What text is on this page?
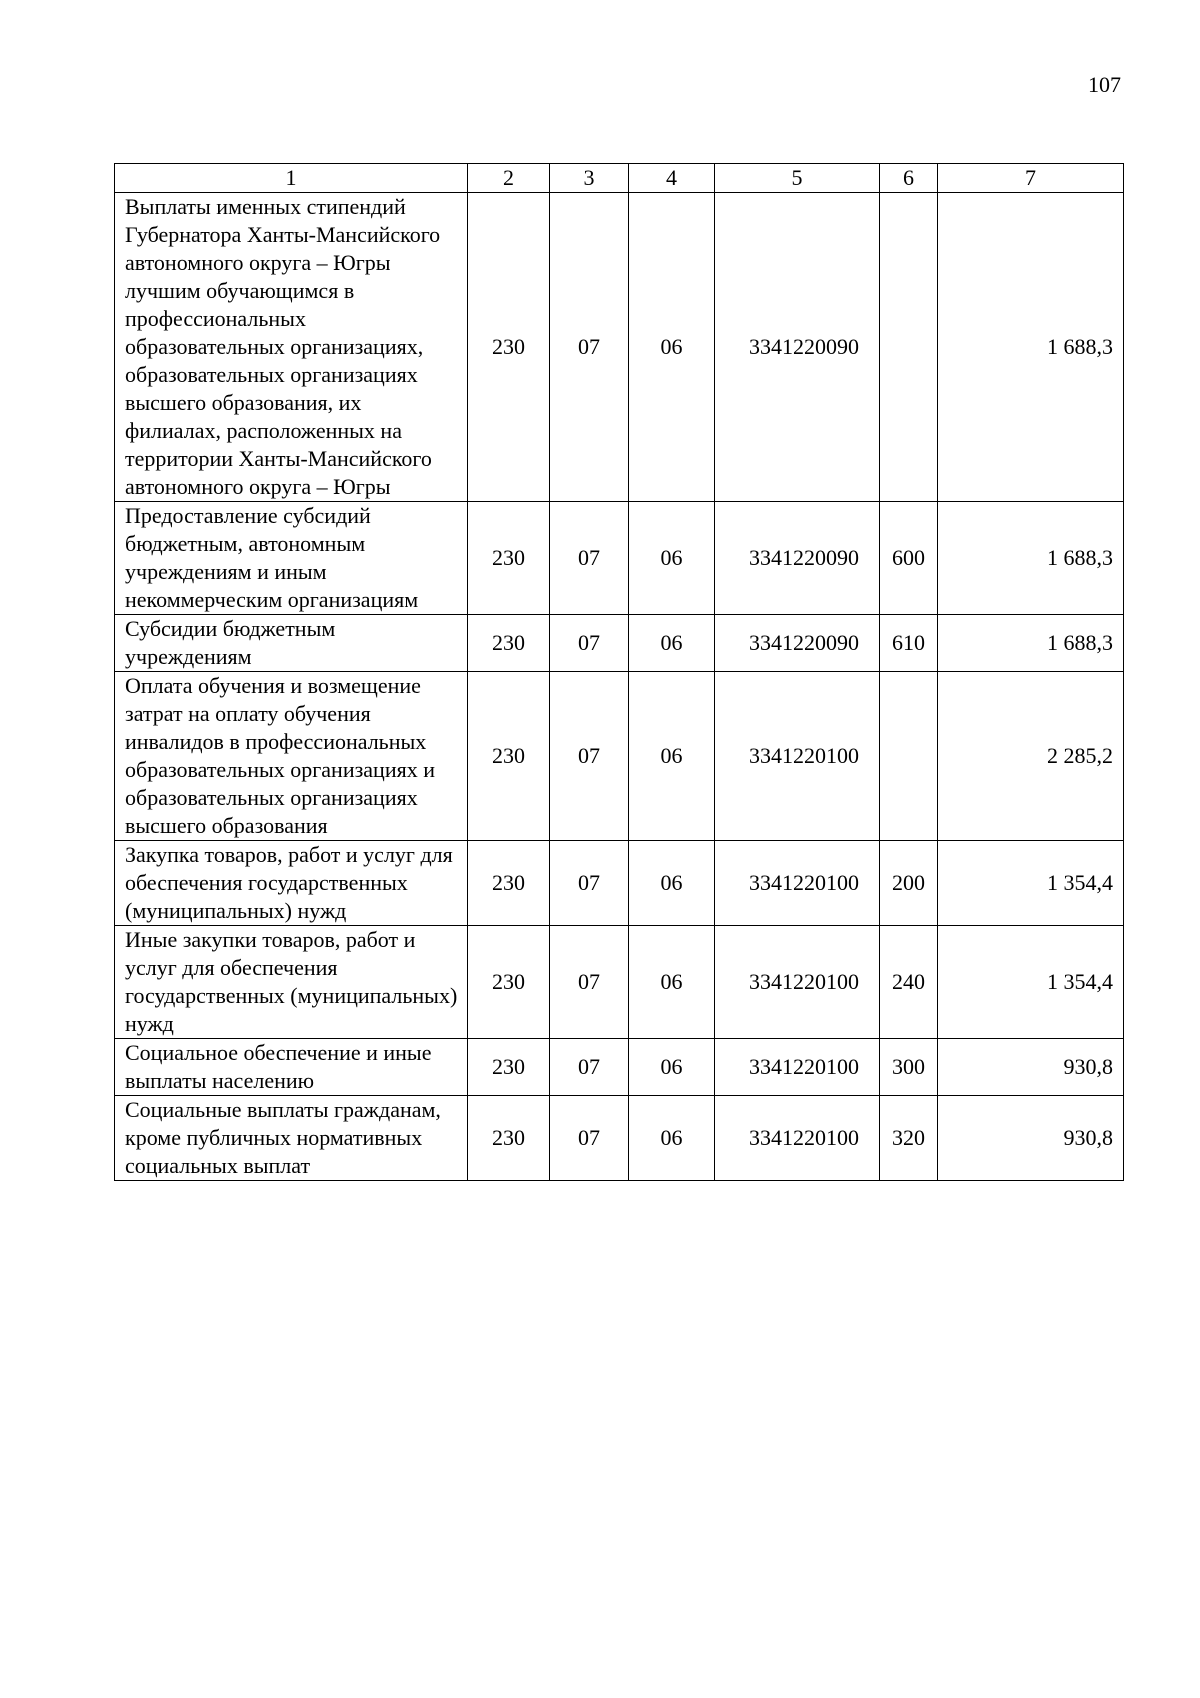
107
1	2	3	4	5	6	7
Выплаты именных стипендий Губернатора Ханты-Мансийского автономного округа – Югры лучшим обучающимся в профессиональных образовательных организациях, образовательных организациях высшего образования, их филиалах, расположенных на территории Ханты-Мансийского автономного округа – Югры	230	07	06	3341220090		1 688,3
Предоставление субсидий бюджетным, автономным учреждениям и иным некоммерческим организациям	230	07	06	3341220090	600	1 688,3
Субсидии бюджетным учреждениям	230	07	06	3341220090	610	1 688,3
Оплата обучения и возмещение затрат на оплату обучения инвалидов в профессиональных образовательных организациях и образовательных организациях высшего образования	230	07	06	3341220100		2 285,2
Закупка товаров, работ и услуг для обеспечения государственных (муниципальных) нужд	230	07	06	3341220100	200	1 354,4
Иные закупки товаров, работ и услуг для обеспечения государственных (муниципальных) нужд	230	07	06	3341220100	240	1 354,4
Социальное обеспечение и иные выплаты населению	230	07	06	3341220100	300	930,8
Социальные выплаты гражданам, кроме публичных нормативных социальных выплат	230	07	06	3341220100	320	930,8
